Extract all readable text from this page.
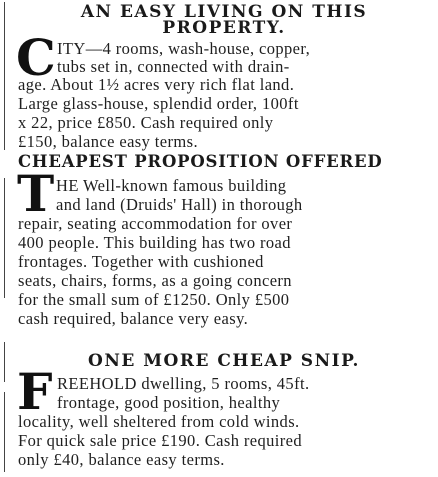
AN EASY LIVING ON THIS
PROPERTY.
C ITY—4 rooms, wash-house, copper,
tubs set in, connected with drain-
age. About 1½ acres very rich flat land.
Large glass-house, splendid order, 100ft
x 22, price £850. Cash required only
£150, balance easy terms.
CHEAPEST PROPOSITION OFFERED
T HE Well-known famous building
and land (Druids' Hall) in thorough
repair, seating accommodation for over
400 people. This building has two road
frontages. Together with cushioned
seats, chairs, forms, as a going concern
for the small sum of £1250. Only £500
cash required, balance very easy.
ONE MORE CHEAP SNIP.
F REEHOLD dwelling, 5 rooms, 45ft.
frontage, good position, healthy
locality, well sheltered from cold winds.
For quick sale price £190. Cash required
only £40, balance easy terms.
